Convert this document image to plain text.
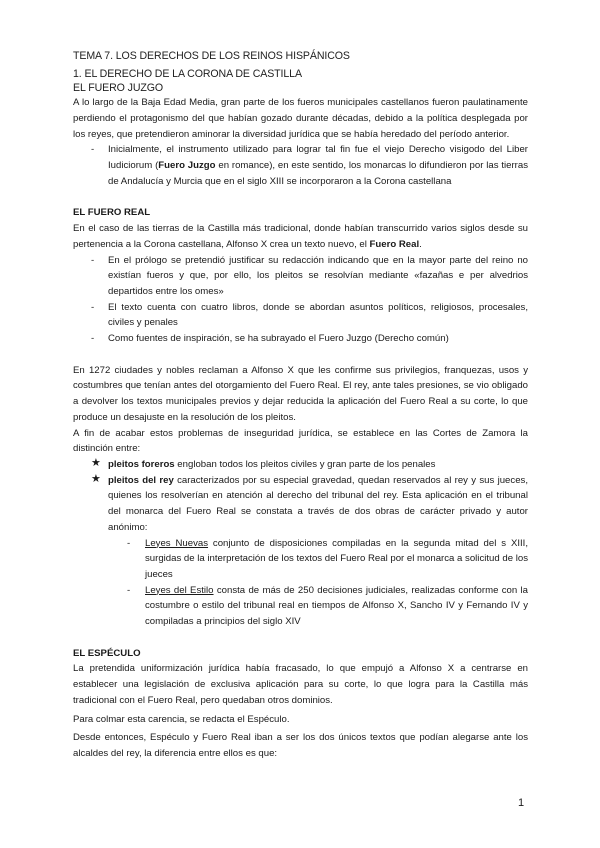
TEMA 7. LOS DERECHOS DE LOS REINOS HISPÁNICOS
1. EL DERECHO DE LA CORONA DE CASTILLA
EL FUERO JUZGO

A lo largo de la Baja Edad Media, gran parte de los fueros municipales castellanos fueron paulatinamente perdiendo el protagonismo del que habían gozado durante décadas, debido a la política desplegada por los reyes, que pretendieron aminorar la diversidad jurídica que se había heredado del período anterior.

- Inicialmente, el instrumento utilizado para lograr tal fin fue el viejo Derecho visigodo del Liber Iudiciorum (Fuero Juzgo en romance), en este sentido, los monarcas lo difundieron por las tierras de Andalucía y Murcia que en el siglo XIII se incorporaron a la Corona castellana

EL FUERO REAL

En el caso de las tierras de la Castilla más tradicional, donde habían transcurrido varios siglos desde su pertenencia a la Corona castellana, Alfonso X crea un texto nuevo, el Fuero Real.

- En el prólogo se pretendió justificar su redacción indicando que en la mayor parte del reino no existían fueros y que, por ello, los pleitos se resolvían mediante «fazañas e per alvedrios departidos entre los omes»
- El texto cuenta con cuatro libros, donde se abordan asuntos políticos, religiosos, procesales, civiles y penales
- Como fuentes de inspiración, se ha subrayado el Fuero Juzgo (Derecho común)

En 1272 ciudades y nobles reclaman a Alfonso X que les confirme sus privilegios, franquezas, usos y costumbres que tenían antes del otorgamiento del Fuero Real. El rey, ante tales presiones, se vio obligado a devolver los textos municipales previos y dejar reducida la aplicación del Fuero Real a su corte, lo que produce un desajuste en la resolución de los pleitos.

A fin de acabar estos problemas de inseguridad jurídica, se establece en las Cortes de Zamora la distinción entre:

★ pleitos foreros engloban todos los pleitos civiles y gran parte de los penales
★ pleitos del rey caracterizados por su especial gravedad, quedan reservados al rey y sus jueces, quienes los resolverían en atención al derecho del tribunal del rey. Esta aplicación en el tribunal del monarca del Fuero Real se constata a través de dos obras de carácter privado y autor anónimo:
- Leyes Nuevas conjunto de disposiciones compiladas en la segunda mitad del s XIII, surgidas de la interpretación de los textos del Fuero Real por el monarca a solicitud de los jueces
- Leyes del Estilo consta de más de 250 decisiones judiciales, realizadas conforme con la costumbre o estilo del tribunal real en tiempos de Alfonso X, Sancho IV y Fernando IV y compiladas a principios del siglo XIV

EL ESPÉCULO

La pretendida uniformización jurídica había fracasado, lo que empujó a Alfonso X a centrarse en establecer una legislación de exclusiva aplicación para su corte, lo que logra para la Castilla más tradicional con el Fuero Real, pero quedaban otros dominios.

Para colmar esta carencia, se redacta el Espéculo.

Desde entonces, Espéculo y Fuero Real iban a ser los dos únicos textos que podían alegarse ante los alcaldes del rey, la diferencia entre ellos es que:

1
